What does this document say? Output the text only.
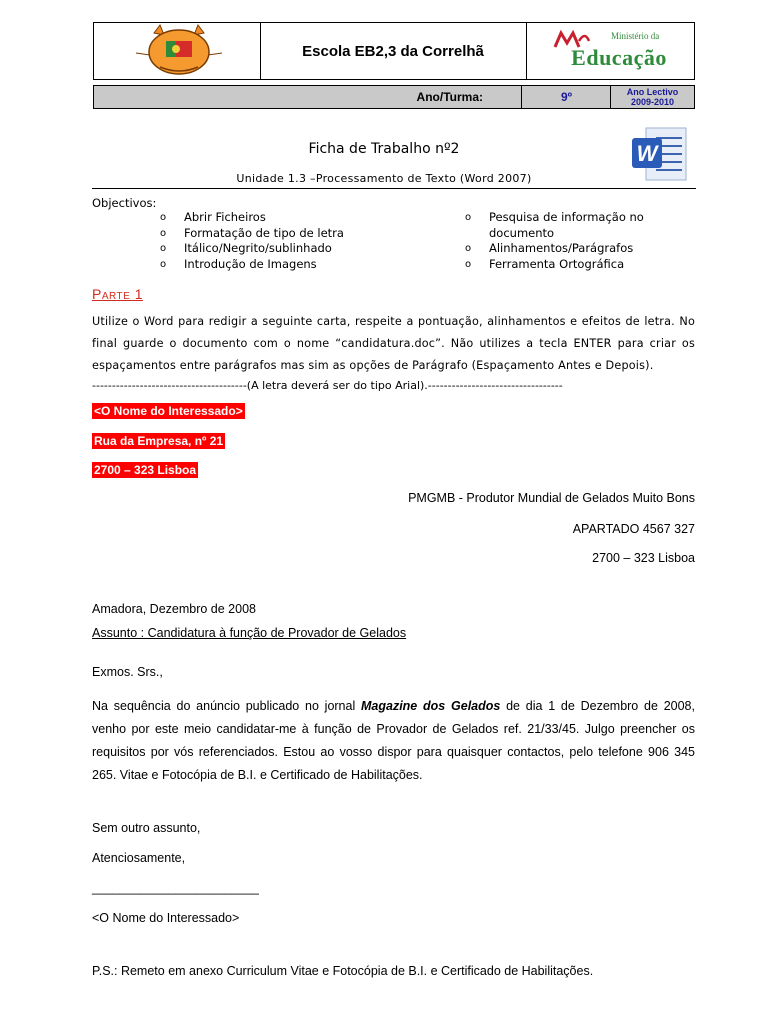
Escola EB2,3 da Correlhã
Ministério da
Educação
Ano/Turma:	9º	Ano Lectivo
2009-2010
W
Ficha de Trabalho nº2
Unidade 1.3 –Processamento de Texto (Word 2007)
Objectivos:
o Abrir Ficheiros
o Formatação de tipo de letra
o Itálico/Negrito/sublinhado
o Introdução de Imagens
o Pesquisa de informação no
documento
o Alinhamentos/Parágrafos
o Ferramenta Ortográfica
Parte 1
Utilize o Word para redigir a seguinte carta, respeite a pontuação, alinhamentos e efeitos de letra. No final guarde o documento com o nome “candidatura.doc”. Não utilizes a tecla ENTER para criar os espaçamentos entre parágrafos mas sim as opções de Parágrafo (Espaçamento Antes e Depois).
---------------------------------------(A letra deverá ser do tipo Arial).----------------------------------
<O Nome do Interessado>
Rua da Empresa, nº 21
2700 – 323 Lisboa
PMGMB - Produtor Mundial de Gelados Muito Bons
APARTADO 4567 327
2700 – 323 Lisboa
Amadora, Dezembro de 2008
Assunto : Candidatura à função de Provador de Gelados
Exmos. Srs.,
Na sequência do anúncio publicado no jornal Magazine dos Gelados de dia 1 de Dezembro de 2008, venho por este meio candidatar-me à função de Provador de Gelados ref. 21/33/45. Julgo preencher os requisitos por vós referenciados. Estou ao vosso dispor para quaisquer contactos, pelo telefone 906 345 265. Vitae e Fotocópia de B.I. e Certificado de Habilitações.
Sem outro assunto,
Atenciosamente,
________________________
<O Nome do Interessado>
P.S.: Remeto em anexo Curriculum Vitae e Fotocópia de B.I. e Certificado de Habilitações.
